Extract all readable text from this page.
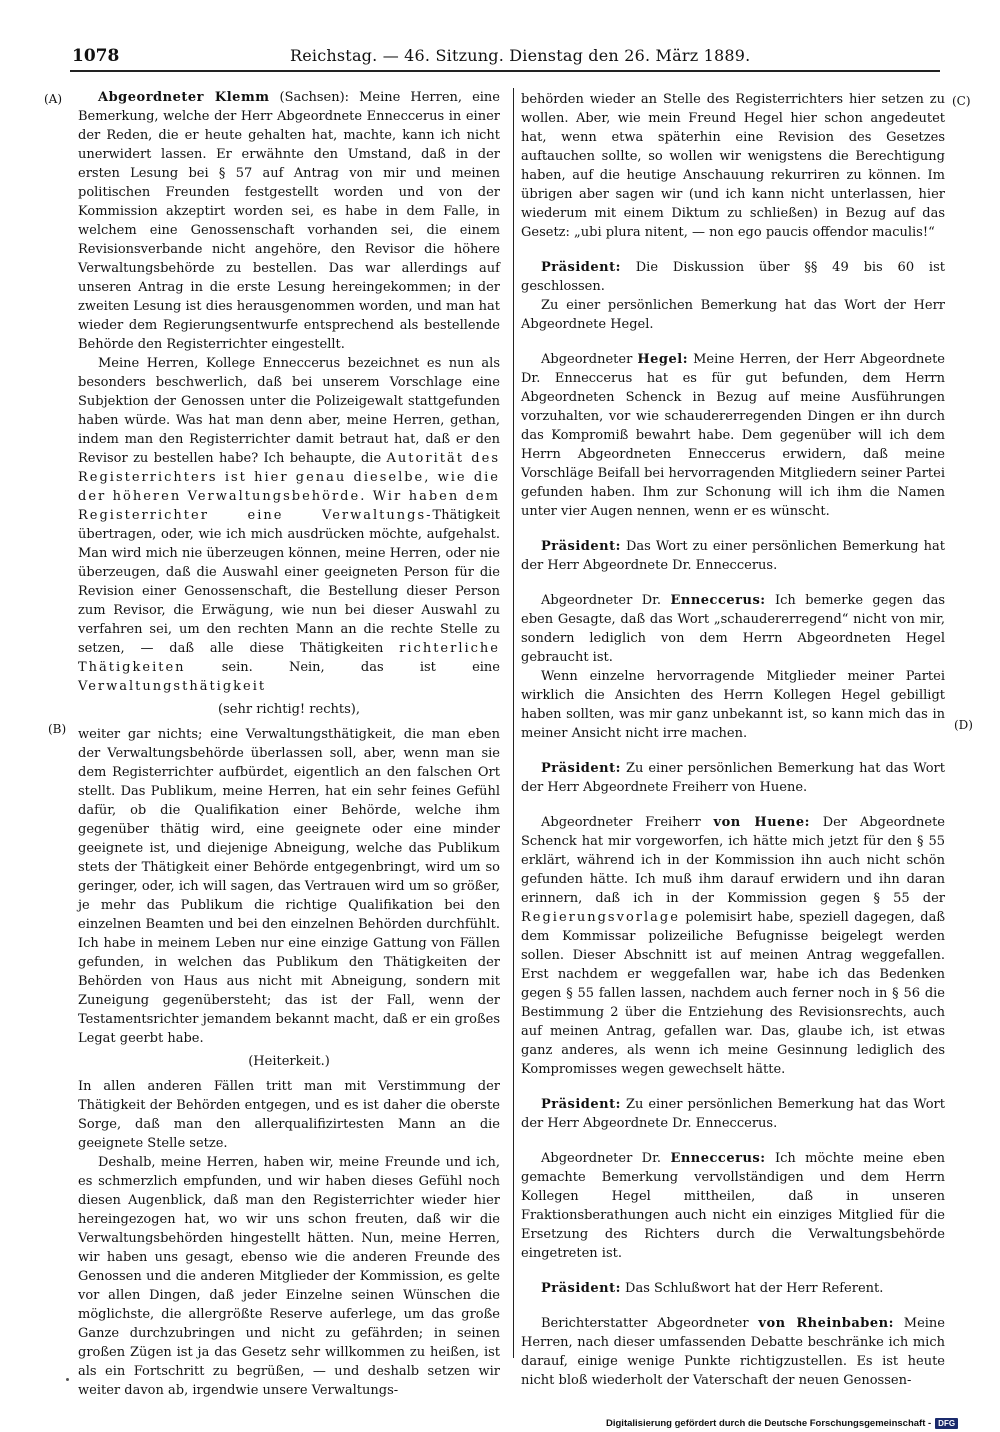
1078	Reichstag. — 46. Sitzung. Dienstag den 26. März 1889.
(A)
(B)
(C)
(D)

Abgeordneter Klemm (Sachsen): Meine Herren, eine Bemerkung, welche der Herr Abgeordnete Enneccerus in einer der Reden, die er heute gehalten hat, machte, kann ich nicht unerwidert lassen. Er erwähnte den Umstand, daß in der ersten Lesung bei § 57 auf Antrag von mir und meinen politischen Freunden festgestellt worden und von der Kommission akzeptirt worden sei, es habe in dem Falle, in welchem eine Genossenschaft vorhanden sei, die einem Revisionsverbande nicht angehöre, den Revisor die höhere Verwaltungsbehörde zu bestellen. Das war allerdings auf unseren Antrag in die erste Lesung hereingekommen; in der zweiten Lesung ist dies herausgenommen worden, und man hat wieder dem Regierungsentwurfe entsprechend als bestellende Behörde den Registerrichter eingestellt.

Meine Herren, Kollege Enneccerus bezeichnet es nun als besonders beschwerlich, daß bei unserem Vorschlage eine Subjektion der Genossen unter die Polizeigewalt stattgefunden haben würde. Was hat man denn aber, meine Herren, gethan, indem man den Registerrichter damit betraut hat, daß er den Revisor zu bestellen habe? Ich behaupte, die Autorität des Registerrichters ist hier genau dieselbe, wie die der höheren Verwaltungsbehörde. Wir haben dem Registerrichter eine Verwaltungs-Thätigkeit übertragen, oder, wie ich mich ausdrücken möchte, aufgehalst. Man wird mich nie überzeugen können, meine Herren, oder nie überzeugen, daß die Auswahl einer geeigneten Person für die Revision einer Genossenschaft, die Bestellung dieser Person zum Revisor, die Erwägung, wie nun bei dieser Auswahl zu verfahren sei, um den rechten Mann an die rechte Stelle zu setzen, — daß alle diese Thätigkeiten richterliche Thätigkeiten sein. Nein, das ist eine Verwaltungsthätigkeit

(sehr richtig! rechts),

weiter gar nichts; eine Verwaltungsthätigkeit, die man eben der Verwaltungsbehörde überlassen soll, aber, wenn man sie dem Registerrichter aufbürdet, eigentlich an den falschen Ort stellt. Das Publikum, meine Herren, hat ein sehr feines Gefühl dafür, ob die Qualifikation einer Behörde, welche ihm gegenüber thätig wird, eine geeignete oder eine minder geeignete ist, und diejenige Abneigung, welche das Publikum stets der Thätigkeit einer Behörde entgegenbringt, wird um so geringer, oder, ich will sagen, das Vertrauen wird um so größer, je mehr das Publikum die richtige Qualifikation bei den einzelnen Beamten und bei den einzelnen Behörden durchfühlt. Ich habe in meinem Leben nur eine einzige Gattung von Fällen gefunden, in welchen das Publikum den Thätigkeiten der Behörden von Haus aus nicht mit Abneigung, sondern mit Zuneigung gegenübersteht; das ist der Fall, wenn der Testamentsrichter jemandem bekannt macht, daß er ein großes Legat geerbt habe.

(Heiterkeit.)

In allen anderen Fällen tritt man mit Verstimmung der Thätigkeit der Behörden entgegen, und es ist daher die oberste Sorge, daß man den allerqualifizirtesten Mann an die geeignete Stelle setze.

Deshalb, meine Herren, haben wir, meine Freunde und ich, es schmerzlich empfunden, und wir haben dieses Gefühl noch diesen Augenblick, daß man den Registerrichter wieder hier hereingezogen hat, wo wir uns schon freuten, daß wir die Verwaltungsbehörden hingestellt hätten. Nun, meine Herren, wir haben uns gesagt, ebenso wie die anderen Freunde des Genossen und die anderen Mitglieder der Kommission, es gelte vor allen Dingen, daß jeder Einzelne seinen Wünschen die möglichste, die allergrößte Reserve auferlege, um das große Ganze durchzubringen und nicht zu gefährden; in seinen großen Zügen ist ja das Gesetz sehr willkommen zu heißen, ist als ein Fortschritt zu begrüßen, — und deshalb setzen wir weiter davon ab, irgendwie unsere Verwaltungs-

behörden wieder an Stelle des Registerrichters hier setzen zu wollen. Aber, wie mein Freund Hegel hier schon angedeutet hat, wenn etwa späterhin eine Revision des Gesetzes auftauchen sollte, so wollen wir wenigstens die Berechtigung haben, auf die heutige Anschauung rekurriren zu können. Im übrigen aber sagen wir (und ich kann nicht unterlassen, hier wiederum mit einem Diktum zu schließen) in Bezug auf das Gesetz: „ubi plura nitent, — non ego paucis offendor maculis!“

Präsident: Die Diskussion über §§ 49 bis 60 ist geschlossen.

Zu einer persönlichen Bemerkung hat das Wort der Herr Abgeordnete Hegel.

Abgeordneter Hegel: Meine Herren, der Herr Abgeordnete Dr. Enneccerus hat es für gut befunden, dem Herrn Abgeordneten Schenck in Bezug auf meine Ausführungen vorzuhalten, vor wie schaudererregenden Dingen er ihn durch das Kompromiß bewahrt habe. Dem gegenüber will ich dem Herrn Abgeordneten Enneccerus erwidern, daß meine Vorschläge Beifall bei hervorragenden Mitgliedern seiner Partei gefunden haben. Ihm zur Schonung will ich ihm die Namen unter vier Augen nennen, wenn er es wünscht.

Präsident: Das Wort zu einer persönlichen Bemerkung hat der Herr Abgeordnete Dr. Enneccerus.

Abgeordneter Dr. Enneccerus: Ich bemerke gegen das eben Gesagte, daß das Wort „schaudererregend“ nicht von mir, sondern lediglich von dem Herrn Abgeordneten Hegel gebraucht ist.

Wenn einzelne hervorragende Mitglieder meiner Partei wirklich die Ansichten des Herrn Kollegen Hegel gebilligt haben sollten, was mir ganz unbekannt ist, so kann mich das in meiner Ansicht nicht irre machen.

Präsident: Zu einer persönlichen Bemerkung hat das Wort der Herr Abgeordnete Freiherr von Huene.

Abgeordneter Freiherr von Huene: Der Abgeordnete Schenck hat mir vorgeworfen, ich hätte mich jetzt für den § 55 erklärt, während ich in der Kommission ihn auch nicht schön gefunden hätte. Ich muß ihm darauf erwidern und ihn daran erinnern, daß ich in der Kommission gegen § 55 der Regierungsvorlage polemisirt habe, speziell dagegen, daß dem Kommissar polizeiliche Befugnisse beigelegt werden sollen. Dieser Abschnitt ist auf meinen Antrag weggefallen. Erst nachdem er weggefallen war, habe ich das Bedenken gegen § 55 fallen lassen, nachdem auch ferner noch in § 56 die Bestimmung 2 über die Entziehung des Revisionsrechts, auch auf meinen Antrag, gefallen war. Das, glaube ich, ist etwas ganz anderes, als wenn ich meine Gesinnung lediglich des Kompromisses wegen gewechselt hätte.

Präsident: Zu einer persönlichen Bemerkung hat das Wort der Herr Abgeordnete Dr. Enneccerus.

Abgeordneter Dr. Enneccerus: Ich möchte meine eben gemachte Bemerkung vervollständigen und dem Herrn Kollegen Hegel mittheilen, daß in unseren Fraktionsberathungen auch nicht ein einziges Mitglied für die Ersetzung des Richters durch die Verwaltungsbehörde eingetreten ist.

Präsident: Das Schlußwort hat der Herr Referent.

Berichterstatter Abgeordneter von Rheinbaben: Meine Herren, nach dieser umfassenden Debatte beschränke ich mich darauf, einige wenige Punkte richtigzustellen. Es ist heute nicht bloß wiederholt der Vaterschaft der neuen Genossen-

Digitalisierung gefördert durch die Deutsche Forschungsgemeinschaft - DFG
